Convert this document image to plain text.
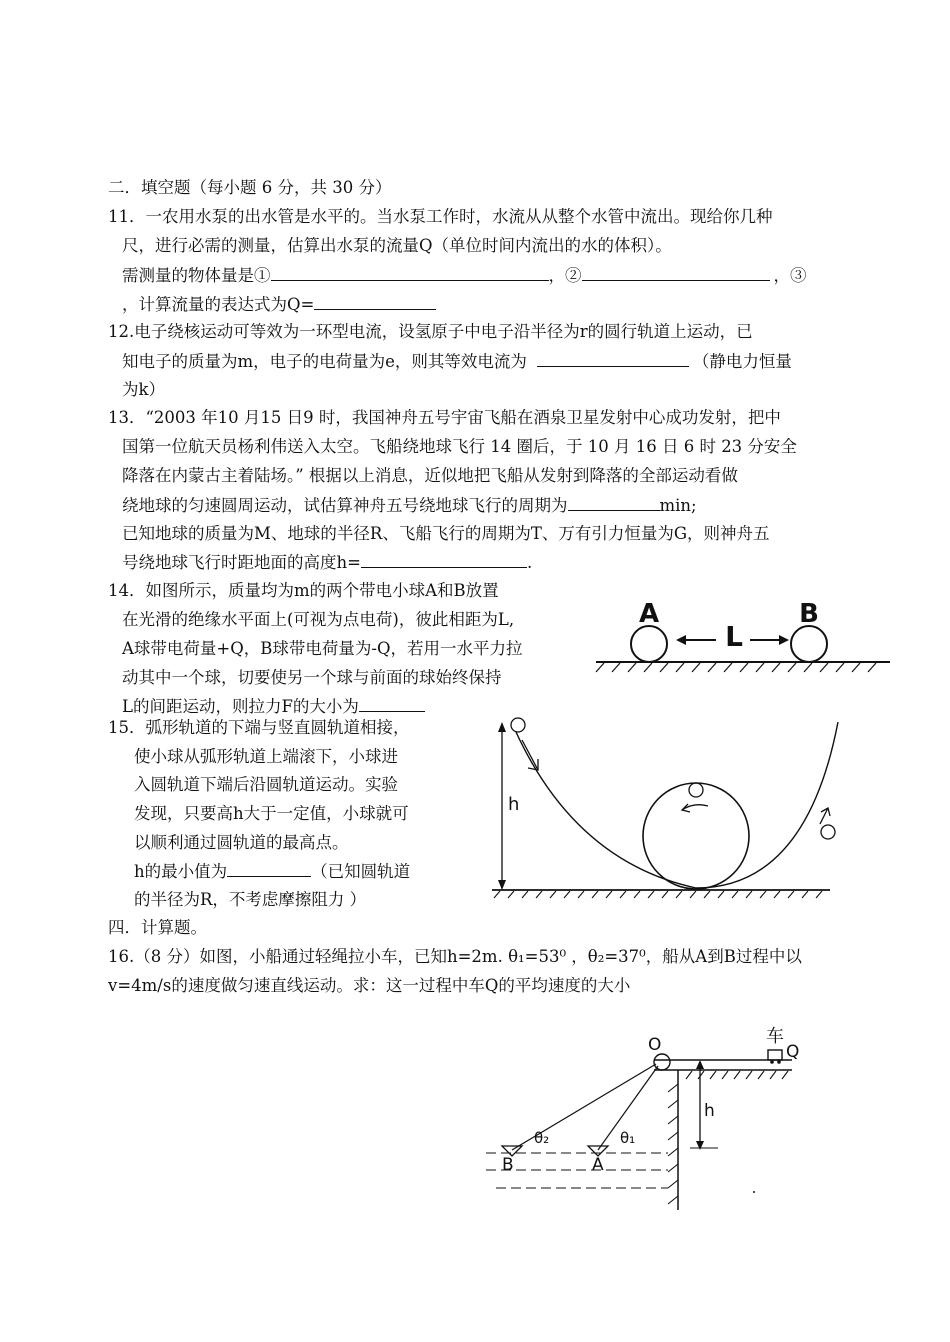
二．填空题（每小题 6 分，共 30 分）
11．一农用水泵的出水管是水平的。当水泵工作时，水流从从整个水管中流出。现给你几种
尺，进行必需的测量，估算出水泵的流量Q（单位时间内流出的水的体积）。
需测量的物体量是①	，②	，③
，计算流量的表达式为Q=
12.电子绕核运动可等效为一环型电流，设氢原子中电子沿半径为r的圆行轨道上运动，已
知电子的质量为m，电子的电荷量为e，则其等效电流为	（静电力恒量
为k）
13．“2003 年10 月15 日9 时，我国神舟五号宇宙飞船在酒泉卫星发射中心成功发射，把中
国第一位航天员杨利伟送入太空。飞船绕地球飞行 14 圈后，于 10 月 16 日 6 时 23 分安全
降落在内蒙古主着陆场。” 根据以上消息，近似地把飞船从发射到降落的全部运动看做
绕地球的匀速圆周运动，试估算神舟五号绕地球飞行的周期为	min;
已知地球的质量为M、地球的半径R、飞船飞行的周期为T、万有引力恒量为G，则神舟五
号绕地球飞行时距地面的高度h=	.
14．如图所示，质量均为m的两个带电小球A和B放置
在光滑的绝缘水平面上(可视为点电荷)，彼此相距为L,
A球带电荷量+Q，B球带电荷量为-Q，若用一水平力拉
动其中一个球，切要使另一个球与前面的球始终保持
L的间距运动，则拉力F的大小为
A	B
L
15．弧形轨道的下端与竖直圆轨道相接，
使小球从弧形轨道上端滚下，小球进
入圆轨道下端后沿圆轨道运动。实验
发现，只要高h大于一定值，小球就可
以顺利通过圆轨道的最高点。
h的最小值为	（已知圆轨道
的半径为R，不考虑摩擦阻力 ）
h
四．计算题。
16.（8 分）如图，小船通过轻绳拉小车，已知h=2m. θ₁=53⁰ ，θ₂=37⁰，船从A到B过程中以
v=4m/s的速度做匀速直线运动。求：这一过程中车Q的平均速度的大小
O	车
Q
h
B	A
θ₂	θ₁
